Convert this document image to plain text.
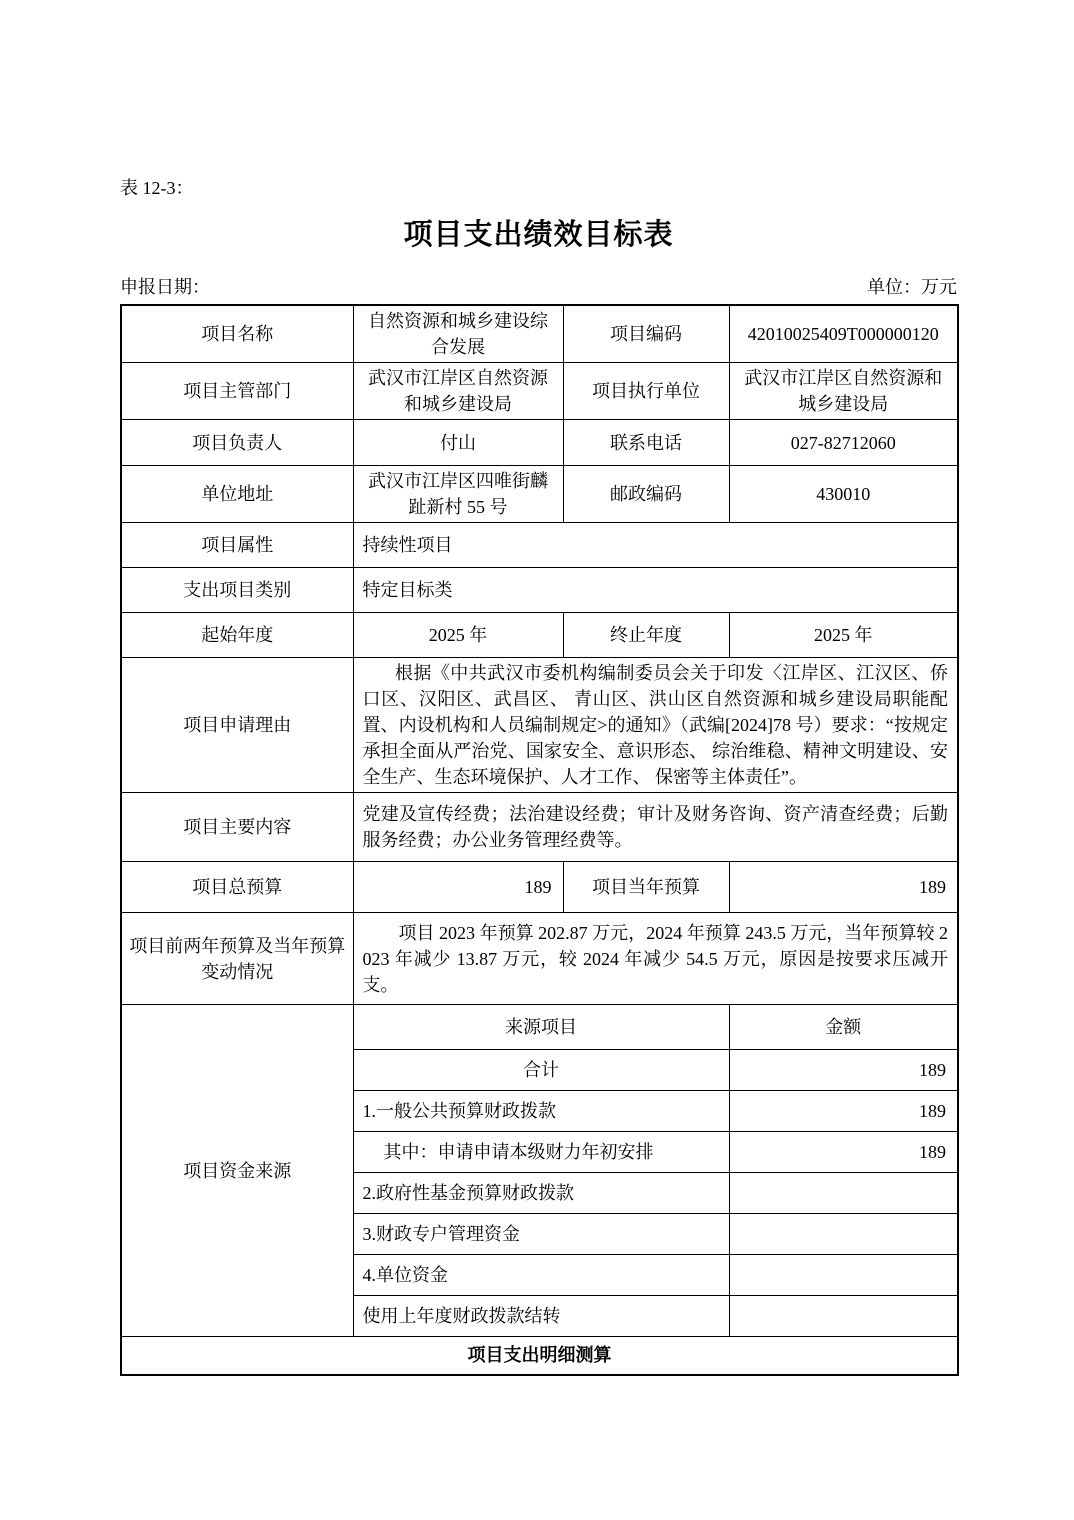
表 12-3：
项目支出绩效目标表
申报日期：	单位：万元
项目名称	自然资源和城乡建设综合发展	项目编码	42010025409T000000120
项目主管部门	武汉市江岸区自然资源和城乡建设局	项目执行单位	武汉市江岸区自然资源和城乡建设局
项目负责人	付山	联系电话	027-82712060
单位地址	武汉市江岸区四唯街麟趾新村 55 号	邮政编码	430010
项目属性	持续性项目		
支出项目类别	特定目标类		
起始年度	2025 年	终止年度	2025 年
项目申请理由	根据《中共武汉市委机构编制委员会关于印发〈江岸区、江汉区、侨口区、汉阳区、武昌区、 青山区、洪山区自然资源和城乡建设局职能配置、内设机构和人员编制规定>的通知》（武编[2024]78 号）要求：“按规定承担全面从严治党、国家安全、意识形态、 综治维稳、精神文明建设、安全生产、生态环境保护、人才工作、 保密等主体责任”。		
项目主要内容	党建及宣传经费；法治建设经费；审计及财务咨询、资产清查经费；后勤服务经费；办公业务管理经费等。		
项目总预算	189	项目当年预算	189
项目前两年预算及当年预算变动情况	项目 2023 年预算 202.87 万元，2024 年预算 243.5 万元，当年预算较 2023 年减少 13.87 万元，较 2024 年减少 54.5 万元，原因是按要求压减开支。		
项目资金来源	来源项目		金额
	合计		189
	1.一般公共预算财政拨款		189
	其中：申请申请本级财力年初安排		189
	2.政府性基金预算财政拨款		
	3.财政专户管理资金		
	4.单位资金		
	使用上年度财政拨款结转		
项目支出明细测算			
